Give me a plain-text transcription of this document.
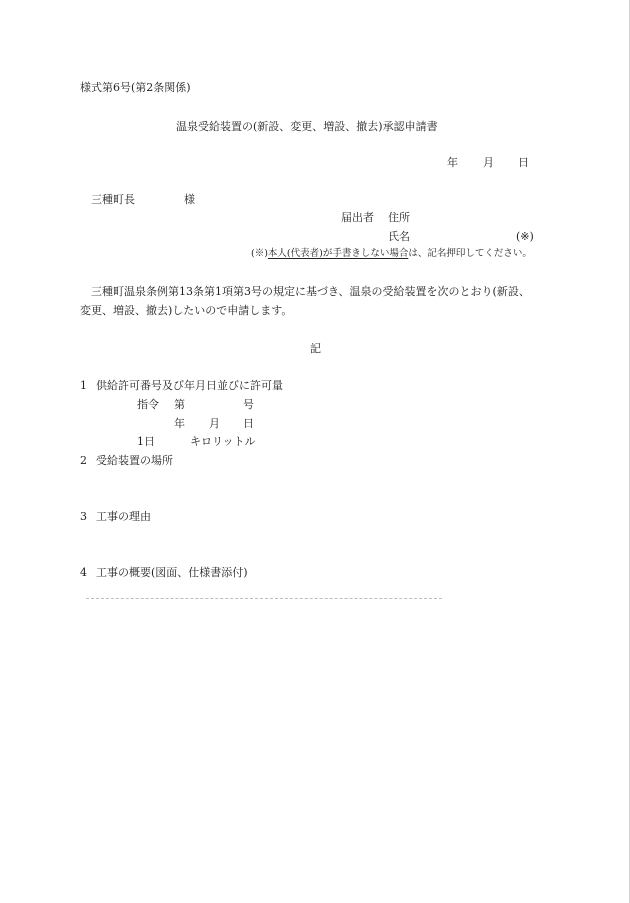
様式第6号(第2条関係)
温泉受給装置の(新設、変更、増設、撤去)承認申請書
年 月 日
三種町長	様
届出者 住所
氏名	(※)
(※)本人(代表者)が手書きしない場合は、記名押印してください。
三種町温泉条例第13条第1項第3号の規定に基づき、温泉の受給装置を次のとおり(新設、
変更、増設、撤去)したいので申請します。
記
1 供給許可番号及び年月日並びに許可量
指令 第	号
年 月 日
1日	キロリットル
2 受給装置の場所
3 工事の理由
4 工事の概要(図面、仕様書添付)
